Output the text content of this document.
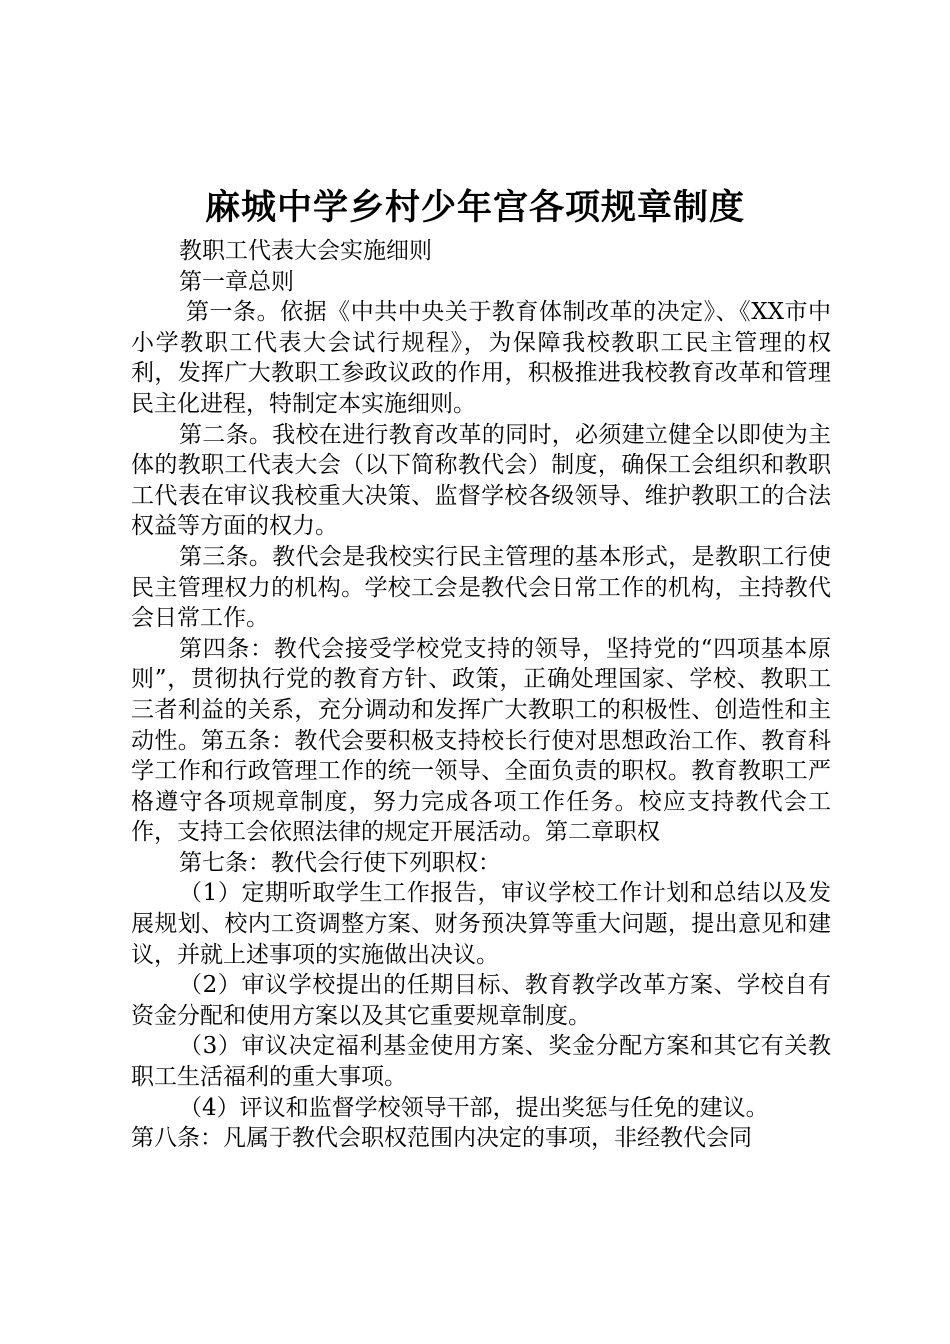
麻城中学乡村少年宫各项规章制度

教职工代表大会实施细则

第一章总则

第一条。依据《中共中央关于教育体制改革的决定》、《XX市中小学教职工代表大会试行规程》，为保障我校教职工民主管理的权利，发挥广大教职工参政议政的作用，积极推进我校教育改革和管理民主化进程，特制定本实施细则。

第二条。我校在进行教育改革的同时，必须建立健全以即使为主体的教职工代表大会（以下简称教代会）制度，确保工会组织和教职工代表在审议我校重大决策、监督学校各级领导、维护教职工的合法权益等方面的权力。

第三条。教代会是我校实行民主管理的基本形式，是教职工行使民主管理权力的机构。学校工会是教代会日常工作的机构，主持教代会日常工作。

第四条：教代会接受学校党支持的领导，坚持党的“四项基本原则”，贯彻执行党的教育方针、政策，正确处理国家、学校、教职工三者利益的关系，充分调动和发挥广大教职工的积极性、创造性和主动性。第五条：教代会要积极支持校长行使对思想政治工作、教育科学工作和行政管理工作的统一领导、全面负责的职权。教育教职工严格遵守各项规章制度，努力完成各项工作任务。校应支持教代会工作，支持工会依照法律的规定开展活动。第二章职权

第七条：教代会行使下列职权：

（1）定期听取学生工作报告，审议学校工作计划和总结以及发展规划、校内工资调整方案、财务预决算等重大问题，提出意见和建议，并就上述事项的实施做出决议。

（2）审议学校提出的任期目标、教育教学改革方案、学校自有资金分配和使用方案以及其它重要规章制度。

（3）审议决定福利基金使用方案、奖金分配方案和其它有关教职工生活福利的重大事项。

（4）评议和监督学校领导干部，提出奖惩与任免的建议。

第八条：凡属于教代会职权范围内决定的事项，非经教代会同
